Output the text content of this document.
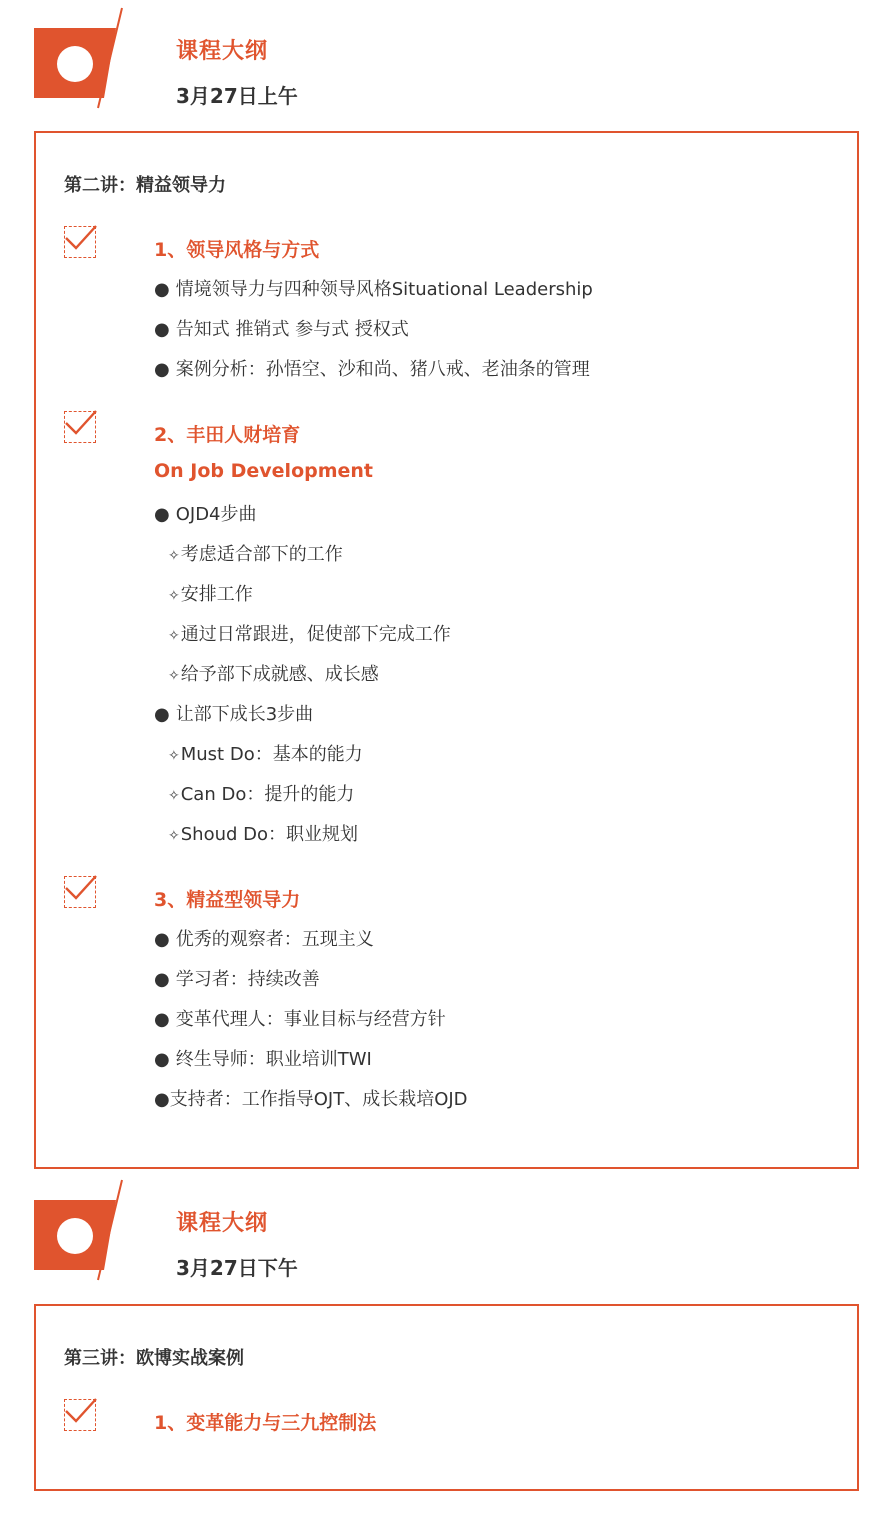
课程大纲
3月27日上午
第二讲：精益领导力
1、领导风格与方式
● 情境领导力与四种领导风格Situational Leadership
● 告知式 推销式 参与式 授权式
● 案例分析：孙悟空、沙和尚、猪八戒、老油条的管理
2、丰田人财培育
On Job Development
● OJD4步曲
✧考虑适合部下的工作
✧安排工作
✧通过日常跟进，促使部下完成工作
✧给予部下成就感、成长感
● 让部下成长3步曲
✧Must Do：基本的能力
✧Can Do：提升的能力
✧Shoud Do：职业规划
3、精益型领导力
● 优秀的观察者：五现主义
● 学习者：持续改善
● 变革代理人：事业目标与经营方针
● 终生导师：职业培训TWI
●支持者：工作指导OJT、成长栽培OJD
课程大纲
3月27日下午
第三讲：欧博实战案例
1、变革能力与三九控制法
